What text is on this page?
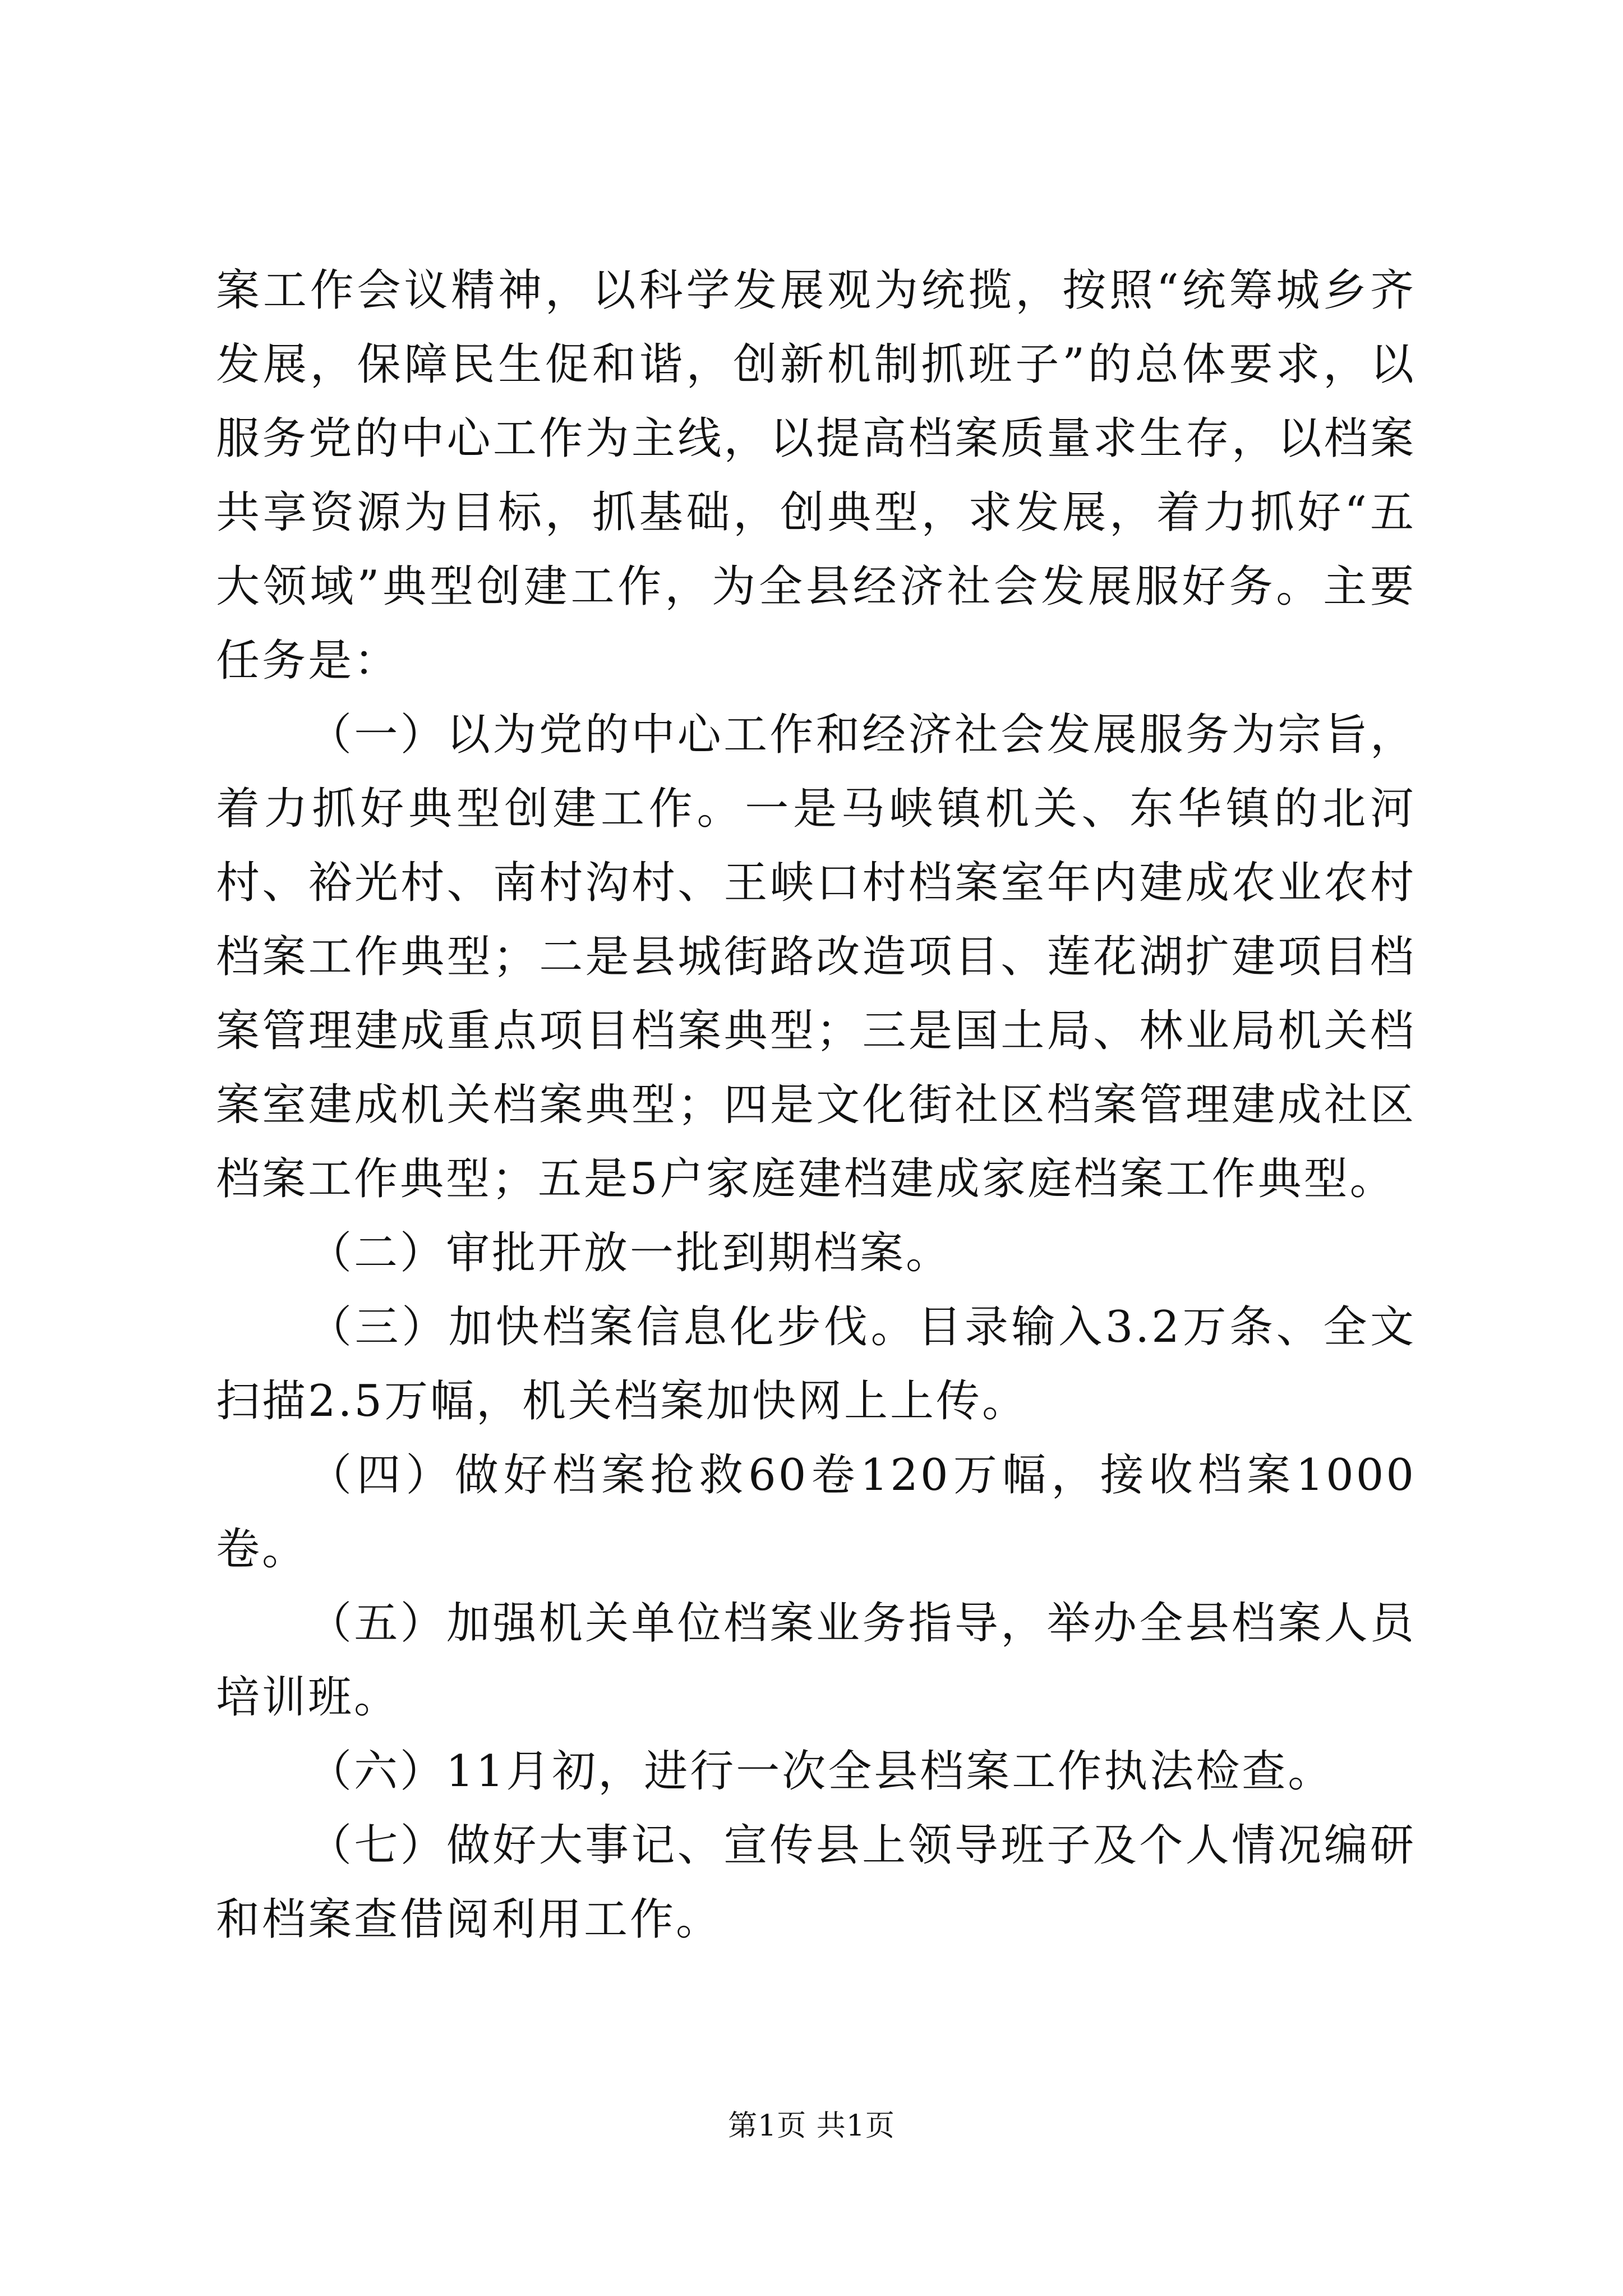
案工作会议精神，以科学发展观为统揽，按照“统筹城乡齐发展，保障民生促和谐，创新机制抓班子”的总体要求，以服务党的中心工作为主线，以提高档案质量求生存，以档案共享资源为目标，抓基础，创典型，求发展，着力抓好“五大领域”典型创建工作，为全县经济社会发展服好务。主要任务是：

（一）以为党的中心工作和经济社会发展服务为宗旨，着力抓好典型创建工作。一是马峡镇机关、东华镇的北河村、裕光村、南村沟村、王峡口村档案室年内建成农业农村档案工作典型；二是县城街路改造项目、莲花湖扩建项目档案管理建成重点项目档案典型；三是国土局、林业局机关档案室建成机关档案典型；四是文化街社区档案管理建成社区档案工作典型；五是5户家庭建档建成家庭档案工作典型。

（二）审批开放一批到期档案。

（三）加快档案信息化步伐。目录输入3.2万条、全文扫描2.5万幅，机关档案加快网上上传。

（四）做好档案抢救60卷120万幅，接收档案1000卷。

（五）加强机关单位档案业务指导，举办全县档案人员培训班。

（六）11月初，进行一次全县档案工作执法检查。

（七）做好大事记、宣传县上领导班子及个人情况编研和档案查借阅利用工作。

第1页 共1页
